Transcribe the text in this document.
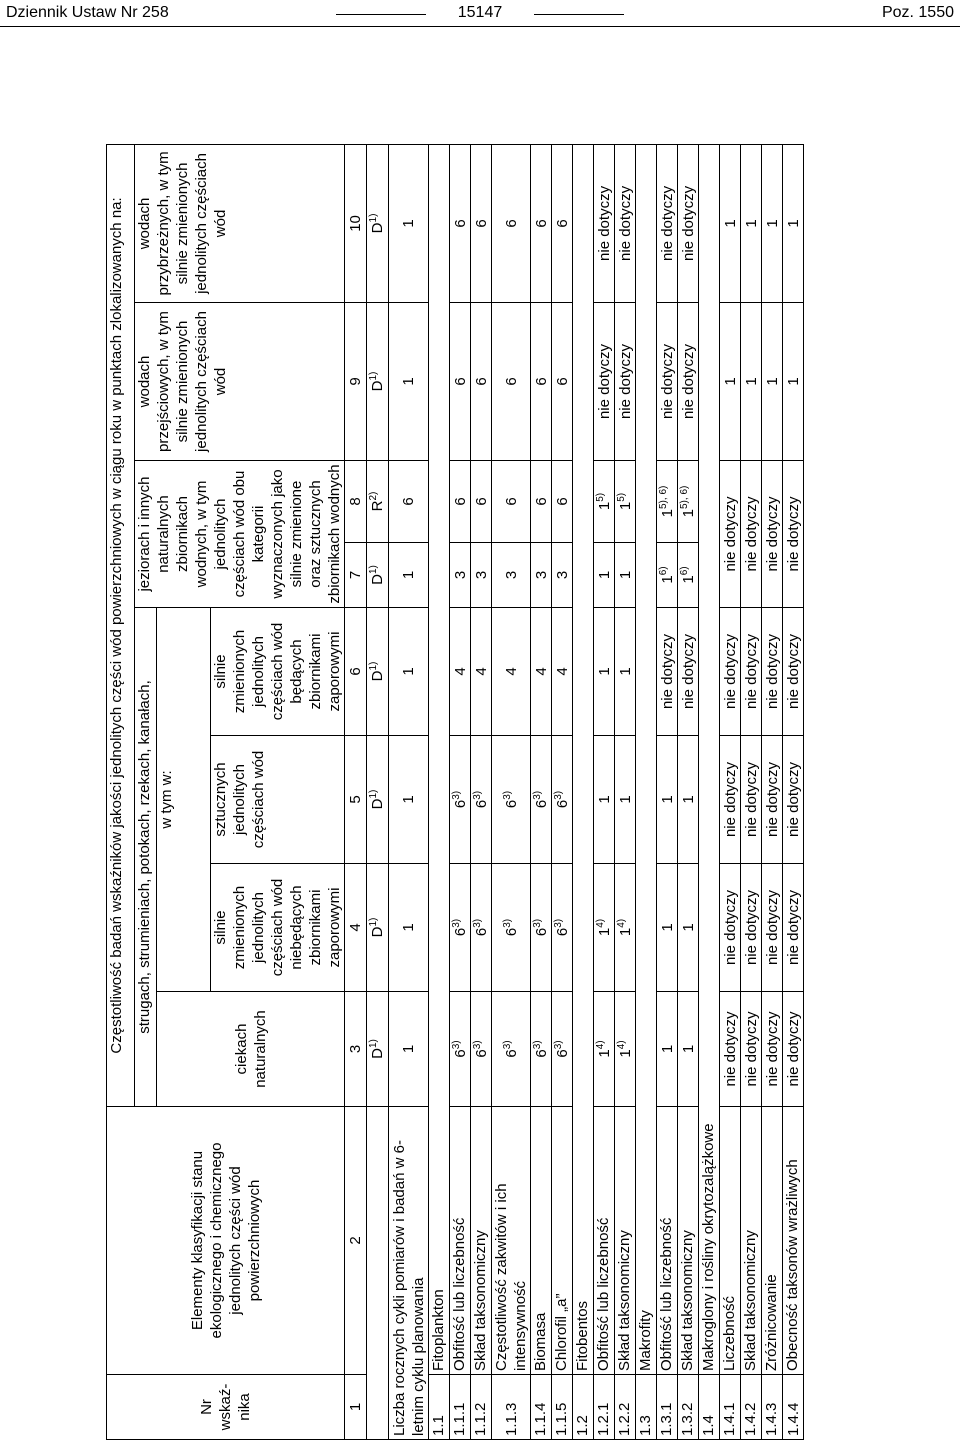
Dziennik Ustaw Nr 258	15147	Poz. 1550
Nr wskaź- nika	Elementy klasyfikacji stanu ekologicznego i chemicznego jednolitych części wód powierzchniowych	Częstotliwość badań wskaźników jakości jednolitych części wód powierzchniowych w ciągu roku w punktach zlokalizowanych na:							
		strugach, strumieniach, potokach, rzekach, kanałach,				jeziorach i innych naturalnych zbiornikach wodnych, w tym jednolitych częściach wód obu kategorii wyznaczonych jako silnie zmienione oraz sztucznych zbiornikach wodnych		wodach przejściowych, w tym silnie zmienionych jednolitych częściach wód	wodach przybrzeżnych, w tym silnie zmienionych jednolitych częściach wód
		ciekach naturalnych	w tym w:						
			silnie zmienionych jednolitych częściach wód niebędących zbiornikami zaporowymi	sztucznych jednolitych częściach wód	silnie zmienionych jednolitych częściach wód będących zbiornikami zaporowymi				
1	2	3	4	5	6	7	8	9	10
		$D^{1)}$	$D^{1)}$	$D^{1)}$	$D^{1)}$	$D^{1)}$	$R^{2)}$	$D^{1)}$	$D^{1)}$
Liczba rocznych cykli pomiarów i badań w 6-letnim cyklu planowania		1	1	1	1	1	6	1	1
1.1	Fitoplankton								
1.1.1	Obfitość lub liczebność	6$^{3)}$	6$^{3)}$	6$^{3)}$	4	3	6	6	6
1.1.2	Skład taksonomiczny	6$^{3)}$	6$^{3)}$	6$^{3)}$	4	3	6	6	6
1.1.3	Częstotliwość zakwitów i ich intensywność	6$^{3)}$	6$^{3)}$	6$^{3)}$	4	3	6	6	6
1.1.4	Biomasa	6$^{3)}$	6$^{3)}$	6$^{3)}$	4	3	6	6	6
1.1.5	Chlorofil „a”	6$^{3)}$	6$^{3)}$	6$^{3)}$	4	3	6	6	6
1.2	Fitobentos								
1.2.1	Obfitość lub liczebność	1$^{4)}$	1$^{4)}$	1	1	1	1$^{5)}$	nie dotyczy	nie dotyczy
1.2.2	Skład taksonomiczny	1$^{4)}$	1$^{4)}$	1	1	1	1$^{5)}$	nie dotyczy	nie dotyczy
1.3	Makrofity								
1.3.1	Obfitość lub liczebność	1	1	1	nie dotyczy	1$^{6)}$	$1^{5), 6)}$	nie dotyczy	nie dotyczy
1.3.2	Skład taksonomiczny	1	1	1	nie dotyczy	1$^{6)}$	$1^{5), 6)}$	nie dotyczy	nie dotyczy
1.4	Makroglony i rośliny okrytozalążkowe								
1.4.1	Liczebność	nie dotyczy	nie dotyczy	nie dotyczy	nie dotyczy	nie dotyczy		1	1
1.4.2	Skład taksonomiczny	nie dotyczy	nie dotyczy	nie dotyczy	nie dotyczy	nie dotyczy		1	1
1.4.3	Zróżnicowanie	nie dotyczy	nie dotyczy	nie dotyczy	nie dotyczy	nie dotyczy		1	1
1.4.4	Obecność taksonów wrażliwych	nie dotyczy	nie dotyczy	nie dotyczy	nie dotyczy	nie dotyczy		1	1
